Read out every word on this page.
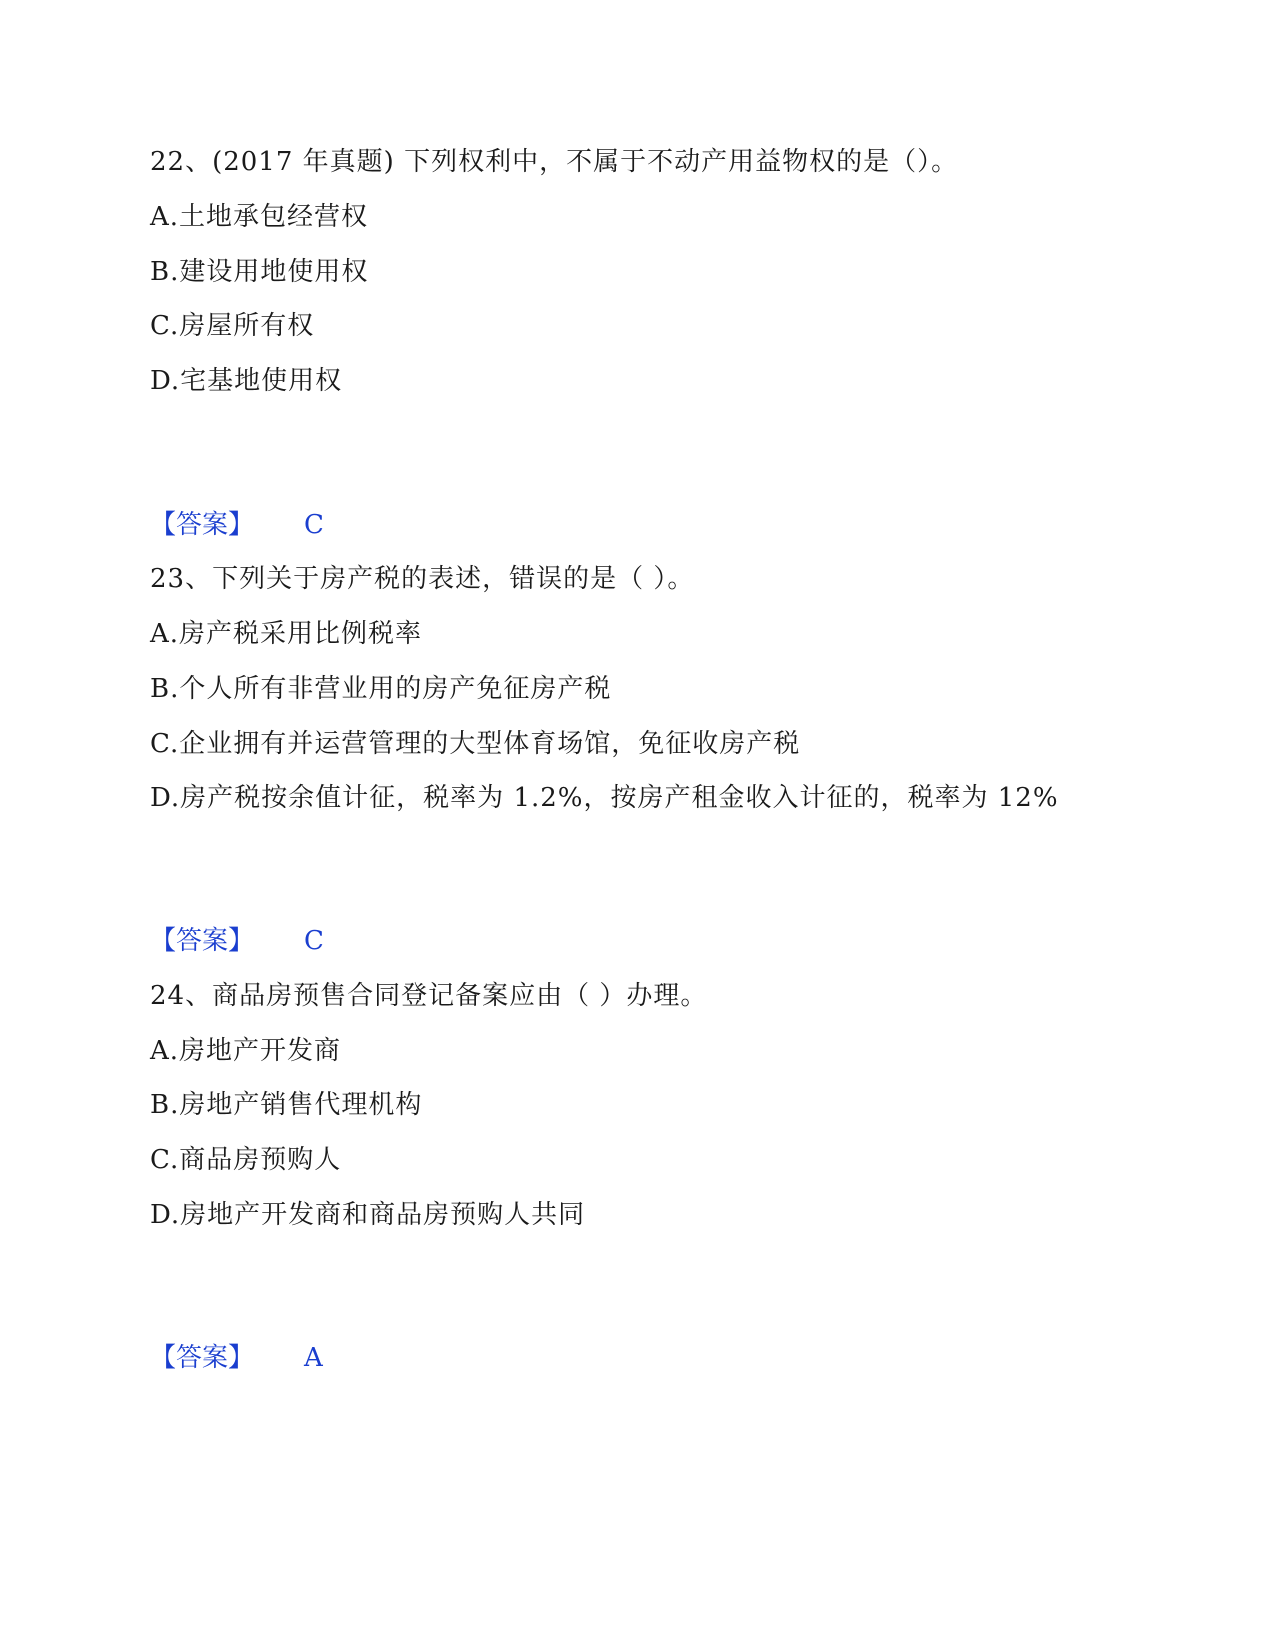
22、(2017 年真题) 下列权利中，不属于不动产用益物权的是（）。
A.土地承包经营权
B.建设用地使用权
C.房屋所有权
D.宅基地使用权
【答案】 C
23、下列关于房产税的表述，错误的是（ ）。
A.房产税采用比例税率
B.个人所有非营业用的房产免征房产税
C.企业拥有并运营管理的大型体育场馆，免征收房产税
D.房产税按余值计征，税率为 1.2%，按房产租金收入计征的，税率为 12%
【答案】 C
24、商品房预售合同登记备案应由（ ）办理。
A.房地产开发商
B.房地产销售代理机构
C.商品房预购人
D.房地产开发商和商品房预购人共同
【答案】 A
